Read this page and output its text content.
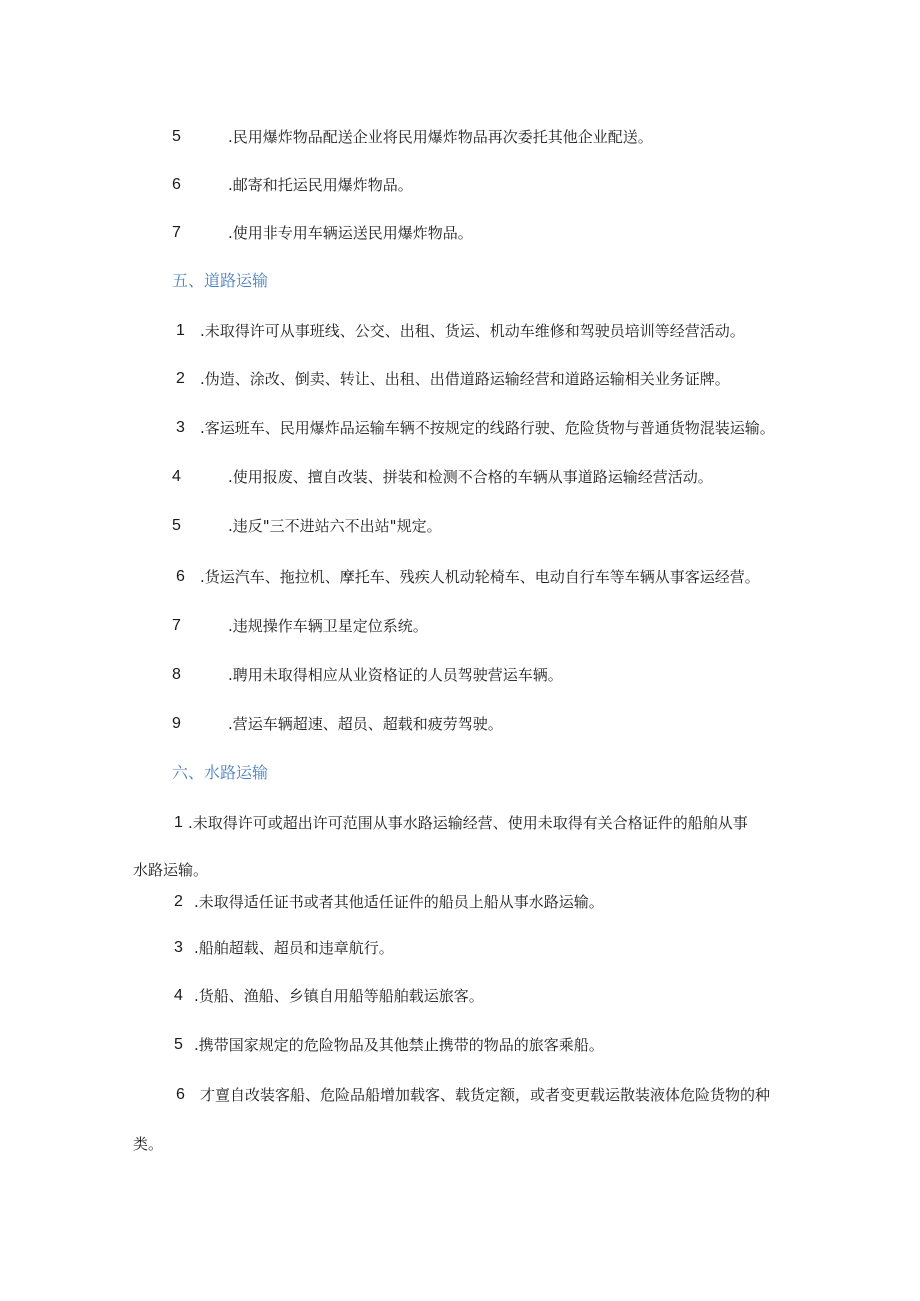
5	.民用爆炸物品配送企业将民用爆炸物品再次委托其他企业配送。
6	.邮寄和托运民用爆炸物品。
7	.使用非专用车辆运送民用爆炸物品。
五、道路运输
1 .未取得许可从事班线、公交、出租、货运、机动车维修和驾驶员培训等经营活动。
2 .伪造、涂改、倒卖、转让、出租、出借道路运输经营和道路运输相关业务证牌。
3 .客运班车、民用爆炸品运输车辆不按规定的线路行驶、危险货物与普通货物混装运输。
4	.使用报废、擅自改装、拼装和检测不合格的车辆从事道路运输经营活动。
5	.违反"三不进站六不出站"规定。
6 .货运汽车、拖拉机、摩托车、残疾人机动轮椅车、电动自行车等车辆从事客运经营。
7	.违规操作车辆卫星定位系统。
8	.聘用未取得相应从业资格证的人员驾驶营运车辆。
9	.营运车辆超速、超员、超载和疲劳驾驶。
六、水路运输
1 .未取得许可或超出许可范围从事水路运输经营、使用未取得有关合格证件的船舶从事
水路运输。
2 .未取得适任证书或者其他适任证件的船员上船从事水路运输。
3 .船舶超载、超员和违章航行。
4 .货船、渔船、乡镇自用船等船舶载运旅客。
5 .携带国家规定的危险物品及其他禁止携带的物品的旅客乘船。
6 才亶自改装客船、危险品船增加载客、载货定额，或者变更载运散装液体危险货物的种
类。
